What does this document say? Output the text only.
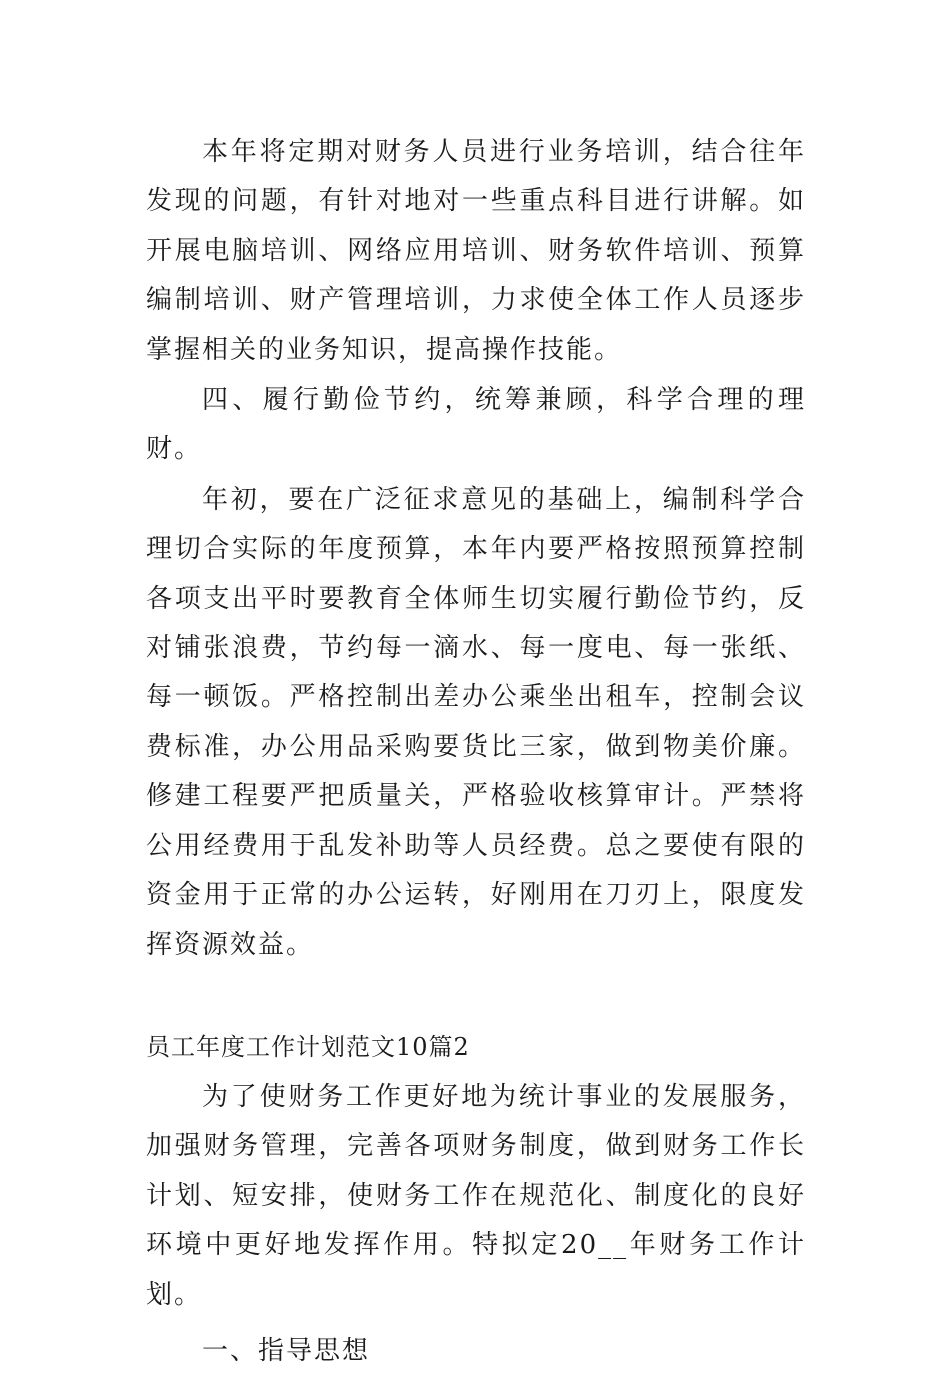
本年将定期对财务人员进行业务培训，结合往年发现的问题，有针对地对一些重点科目进行讲解。如开展电脑培训、网络应用培训、财务软件培训、预算编制培训、财产管理培训，力求使全体工作人员逐步掌握相关的业务知识，提高操作技能。

四、履行勤俭节约，统筹兼顾，科学合理的理财。

年初，要在广泛征求意见的基础上，编制科学合理切合实际的年度预算，本年内要严格按照预算控制各项支出平时要教育全体师生切实履行勤俭节约，反对铺张浪费，节约每一滴水、每一度电、每一张纸、每一顿饭。严格控制出差办公乘坐出租车，控制会议费标准，办公用品采购要货比三家，做到物美价廉。修建工程要严把质量关，严格验收核算审计。严禁将公用经费用于乱发补助等人员经费。总之要使有限的资金用于正常的办公运转，好刚用在刀刃上，限度发挥资源效益。

员工年度工作计划范文10篇2

为了使财务工作更好地为统计事业的发展服务，加强财务管理，完善各项财务制度，做到财务工作长计划、短安排，使财务工作在规范化、制度化的良好环境中更好地发挥作用。特拟定20__年财务工作计划。

一、指导思想
